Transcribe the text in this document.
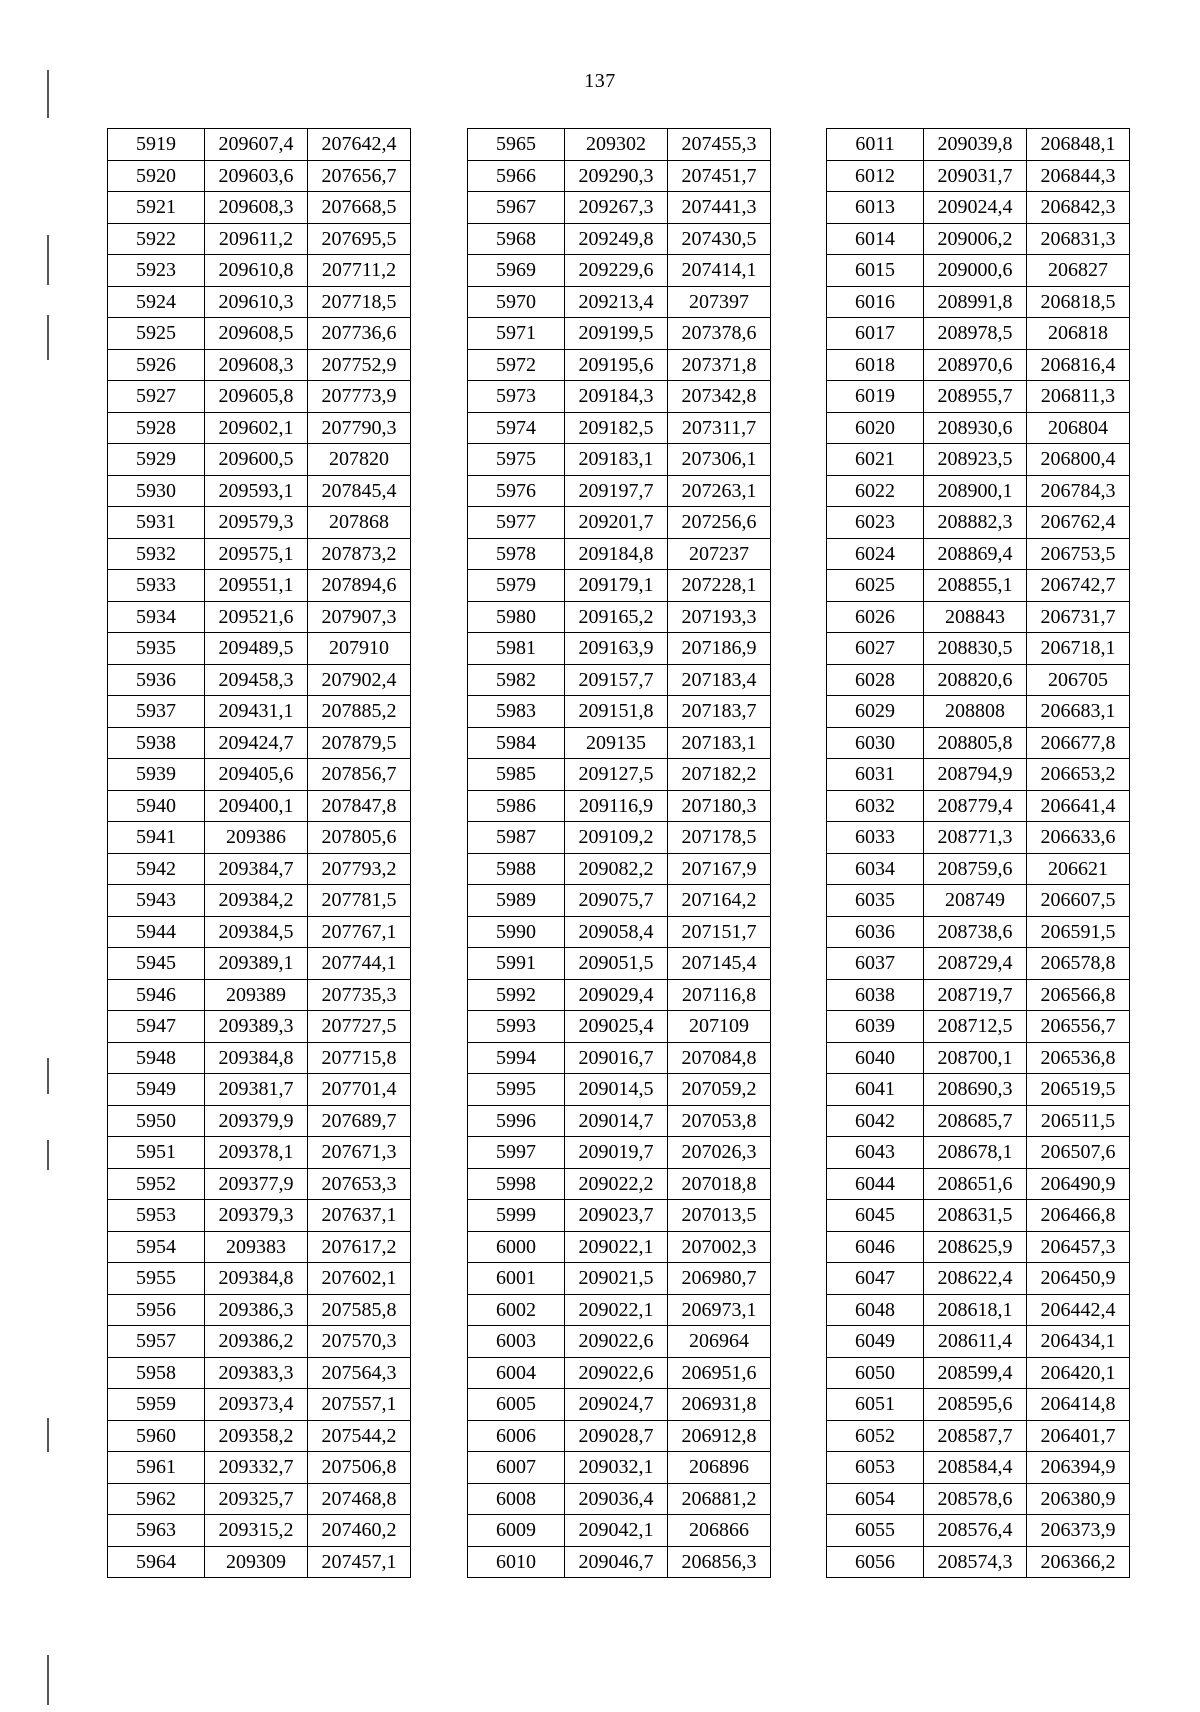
137
5919	209607,4	207642,4
5920	209603,6	207656,7
5921	209608,3	207668,5
5922	209611,2	207695,5
5923	209610,8	207711,2
5924	209610,3	207718,5
5925	209608,5	207736,6
5926	209608,3	207752,9
5927	209605,8	207773,9
5928	209602,1	207790,3
5929	209600,5	207820
5930	209593,1	207845,4
5931	209579,3	207868
5932	209575,1	207873,2
5933	209551,1	207894,6
5934	209521,6	207907,3
5935	209489,5	207910
5936	209458,3	207902,4
5937	209431,1	207885,2
5938	209424,7	207879,5
5939	209405,6	207856,7
5940	209400,1	207847,8
5941	209386	207805,6
5942	209384,7	207793,2
5943	209384,2	207781,5
5944	209384,5	207767,1
5945	209389,1	207744,1
5946	209389	207735,3
5947	209389,3	207727,5
5948	209384,8	207715,8
5949	209381,7	207701,4
5950	209379,9	207689,7
5951	209378,1	207671,3
5952	209377,9	207653,3
5953	209379,3	207637,1
5954	209383	207617,2
5955	209384,8	207602,1
5956	209386,3	207585,8
5957	209386,2	207570,3
5958	209383,3	207564,3
5959	209373,4	207557,1
5960	209358,2	207544,2
5961	209332,7	207506,8
5962	209325,7	207468,8
5963	209315,2	207460,2
5964	209309	207457,1
5965	209302	207455,3
5966	209290,3	207451,7
5967	209267,3	207441,3
5968	209249,8	207430,5
5969	209229,6	207414,1
5970	209213,4	207397
5971	209199,5	207378,6
5972	209195,6	207371,8
5973	209184,3	207342,8
5974	209182,5	207311,7
5975	209183,1	207306,1
5976	209197,7	207263,1
5977	209201,7	207256,6
5978	209184,8	207237
5979	209179,1	207228,1
5980	209165,2	207193,3
5981	209163,9	207186,9
5982	209157,7	207183,4
5983	209151,8	207183,7
5984	209135	207183,1
5985	209127,5	207182,2
5986	209116,9	207180,3
5987	209109,2	207178,5
5988	209082,2	207167,9
5989	209075,7	207164,2
5990	209058,4	207151,7
5991	209051,5	207145,4
5992	209029,4	207116,8
5993	209025,4	207109
5994	209016,7	207084,8
5995	209014,5	207059,2
5996	209014,7	207053,8
5997	209019,7	207026,3
5998	209022,2	207018,8
5999	209023,7	207013,5
6000	209022,1	207002,3
6001	209021,5	206980,7
6002	209022,1	206973,1
6003	209022,6	206964
6004	209022,6	206951,6
6005	209024,7	206931,8
6006	209028,7	206912,8
6007	209032,1	206896
6008	209036,4	206881,2
6009	209042,1	206866
6010	209046,7	206856,3
6011	209039,8	206848,1
6012	209031,7	206844,3
6013	209024,4	206842,3
6014	209006,2	206831,3
6015	209000,6	206827
6016	208991,8	206818,5
6017	208978,5	206818
6018	208970,6	206816,4
6019	208955,7	206811,3
6020	208930,6	206804
6021	208923,5	206800,4
6022	208900,1	206784,3
6023	208882,3	206762,4
6024	208869,4	206753,5
6025	208855,1	206742,7
6026	208843	206731,7
6027	208830,5	206718,1
6028	208820,6	206705
6029	208808	206683,1
6030	208805,8	206677,8
6031	208794,9	206653,2
6032	208779,4	206641,4
6033	208771,3	206633,6
6034	208759,6	206621
6035	208749	206607,5
6036	208738,6	206591,5
6037	208729,4	206578,8
6038	208719,7	206566,8
6039	208712,5	206556,7
6040	208700,1	206536,8
6041	208690,3	206519,5
6042	208685,7	206511,5
6043	208678,1	206507,6
6044	208651,6	206490,9
6045	208631,5	206466,8
6046	208625,9	206457,3
6047	208622,4	206450,9
6048	208618,1	206442,4
6049	208611,4	206434,1
6050	208599,4	206420,1
6051	208595,6	206414,8
6052	208587,7	206401,7
6053	208584,4	206394,9
6054	208578,6	206380,9
6055	208576,4	206373,9
6056	208574,3	206366,2
